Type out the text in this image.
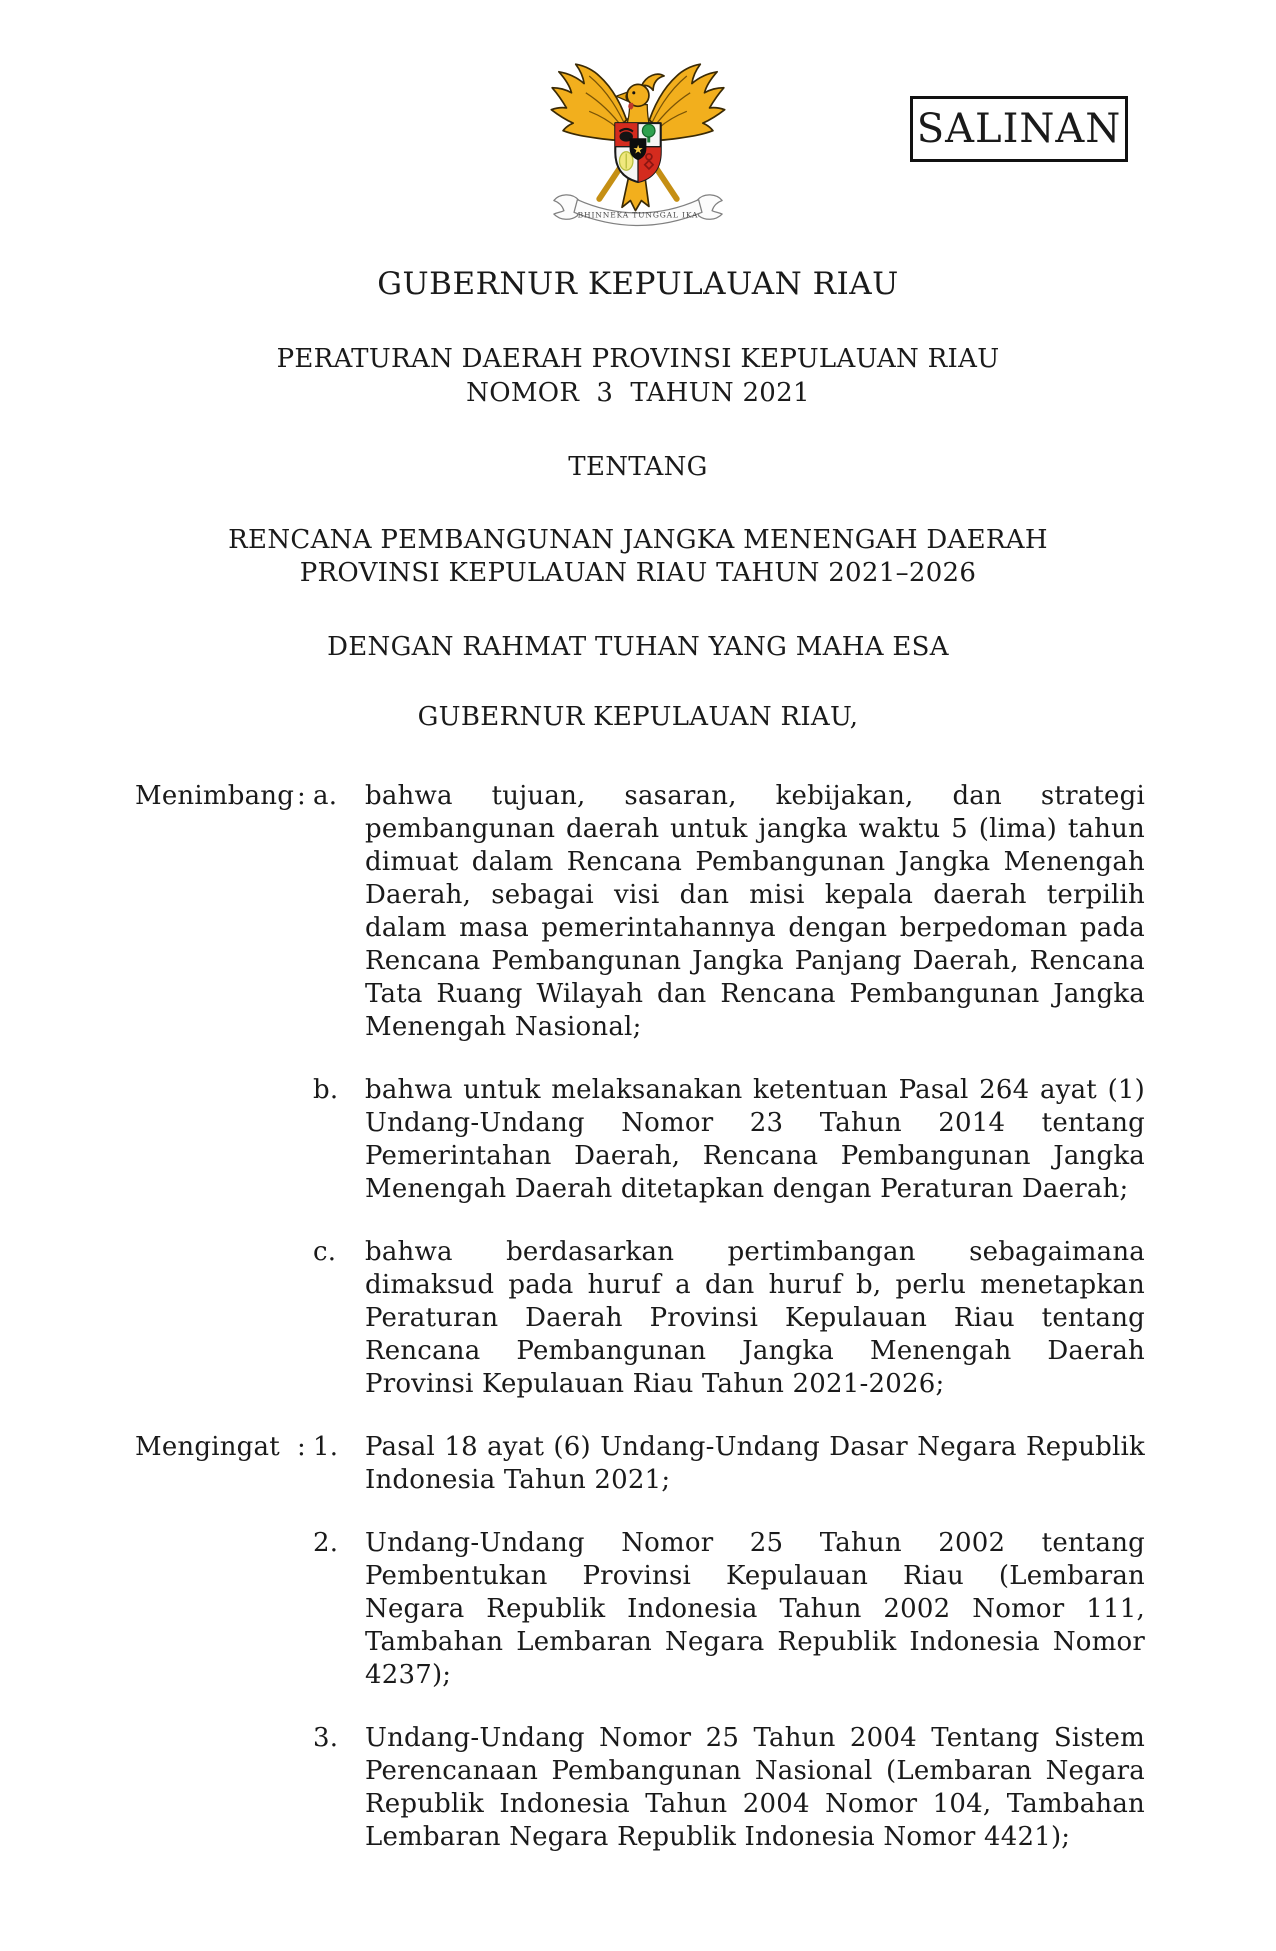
BHINNEKA TUNGGAL IKA
★	SALINAN
GUBERNUR KEPULAUAN RIAU
PERATURAN DAERAH PROVINSI KEPULAUAN RIAU
NOMOR  3  TAHUN 2021
TENTANG
RENCANA PEMBANGUNAN JANGKA MENENGAH DAERAH
PROVINSI KEPULAUAN RIAU TAHUN 2021–2026
DENGAN RAHMAT TUHAN YANG MAHA ESA
GUBERNUR KEPULAUAN RIAU,
Menimbang : a.	bahwa tujuan, sasaran, kebijakan, dan strategi pembangunan daerah untuk jangka waktu 5 (lima) tahun dimuat dalam Rencana Pembangunan Jangka Menengah Daerah, sebagai visi dan misi kepala daerah terpilih dalam masa pemerintahannya dengan berpedoman pada Rencana Pembangunan Jangka Panjang Daerah, Rencana Tata Ruang Wilayah dan Rencana Pembangunan Jangka Menengah Nasional;
b.	bahwa untuk melaksanakan ketentuan Pasal 264 ayat (1) Undang-Undang Nomor 23 Tahun 2014 tentang Pemerintahan Daerah, Rencana Pembangunan Jangka Menengah Daerah ditetapkan dengan Peraturan Daerah;
c.	bahwa berdasarkan pertimbangan sebagaimana dimaksud pada huruf a dan huruf b, perlu menetapkan Peraturan Daerah Provinsi Kepulauan Riau tentang Rencana Pembangunan Jangka Menengah Daerah Provinsi Kepulauan Riau Tahun 2021-2026;
Mengingat : 1.	Pasal 18 ayat (6) Undang-Undang Dasar Negara Republik Indonesia Tahun 2021;
2.	Undang-Undang Nomor 25 Tahun 2002 tentang Pembentukan Provinsi Kepulauan Riau (Lembaran Negara Republik Indonesia Tahun 2002 Nomor 111, Tambahan Lembaran Negara Republik Indonesia Nomor 4237);
3.	Undang-Undang Nomor 25 Tahun 2004 Tentang Sistem Perencanaan Pembangunan Nasional (Lembaran Negara Republik Indonesia Tahun 2004 Nomor 104, Tambahan Lembaran Negara Republik Indonesia Nomor 4421);
